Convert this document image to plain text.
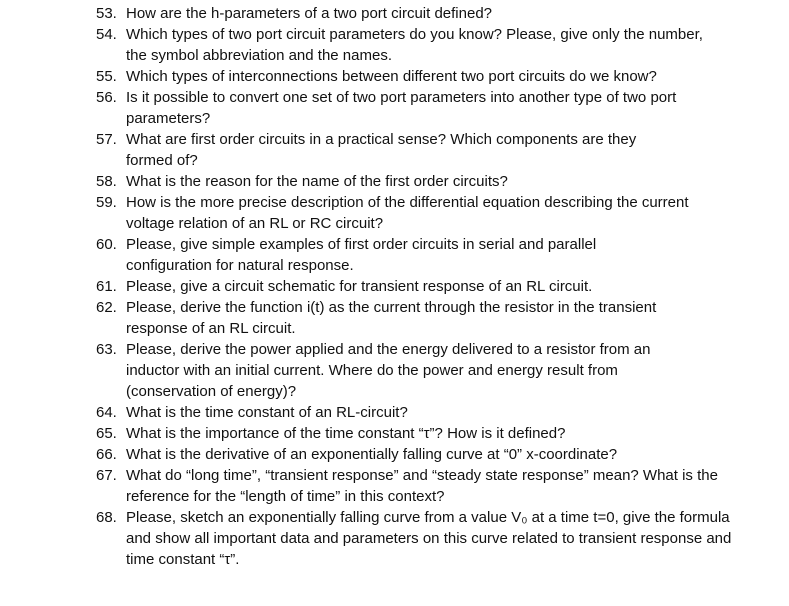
53. How are the h-parameters of a two port circuit defined?
54. Which types of two port circuit parameters do you know? Please, give only the number, the symbol abbreviation and the names.
55. Which types of interconnections between different two port circuits do we know?
56. Is it possible to convert one set of two port parameters into another type of two port parameters?
57. What are first order circuits in a practical sense? Which components are they formed of?
58. What is the reason for the name of the first order circuits?
59. How is the more precise description of the differential equation describing the current voltage relation of an RL or RC circuit?
60. Please, give simple examples of first order circuits in serial and parallel configuration for natural response.
61. Please, give a circuit schematic for transient response of an RL circuit.
62. Please, derive the function i(t) as the current through the resistor in the transient response of an RL circuit.
63. Please, derive the power applied and the energy delivered to a resistor from an inductor with an initial current. Where do the power and energy result from (conservation of energy)?
64. What is the time constant of an RL-circuit?
65. What is the importance of the time constant “τ”? How is it defined?
66. What is the derivative of an exponentially falling curve at “0” x-coordinate?
67. What do “long time”, “transient response” and “steady state response” mean? What is the reference for the “length of time” in this context?
68. Please, sketch an exponentially falling curve from a value V₀ at a time t=0, give the formula and show all important data and parameters on this curve related to transient response and time constant “τ”.
